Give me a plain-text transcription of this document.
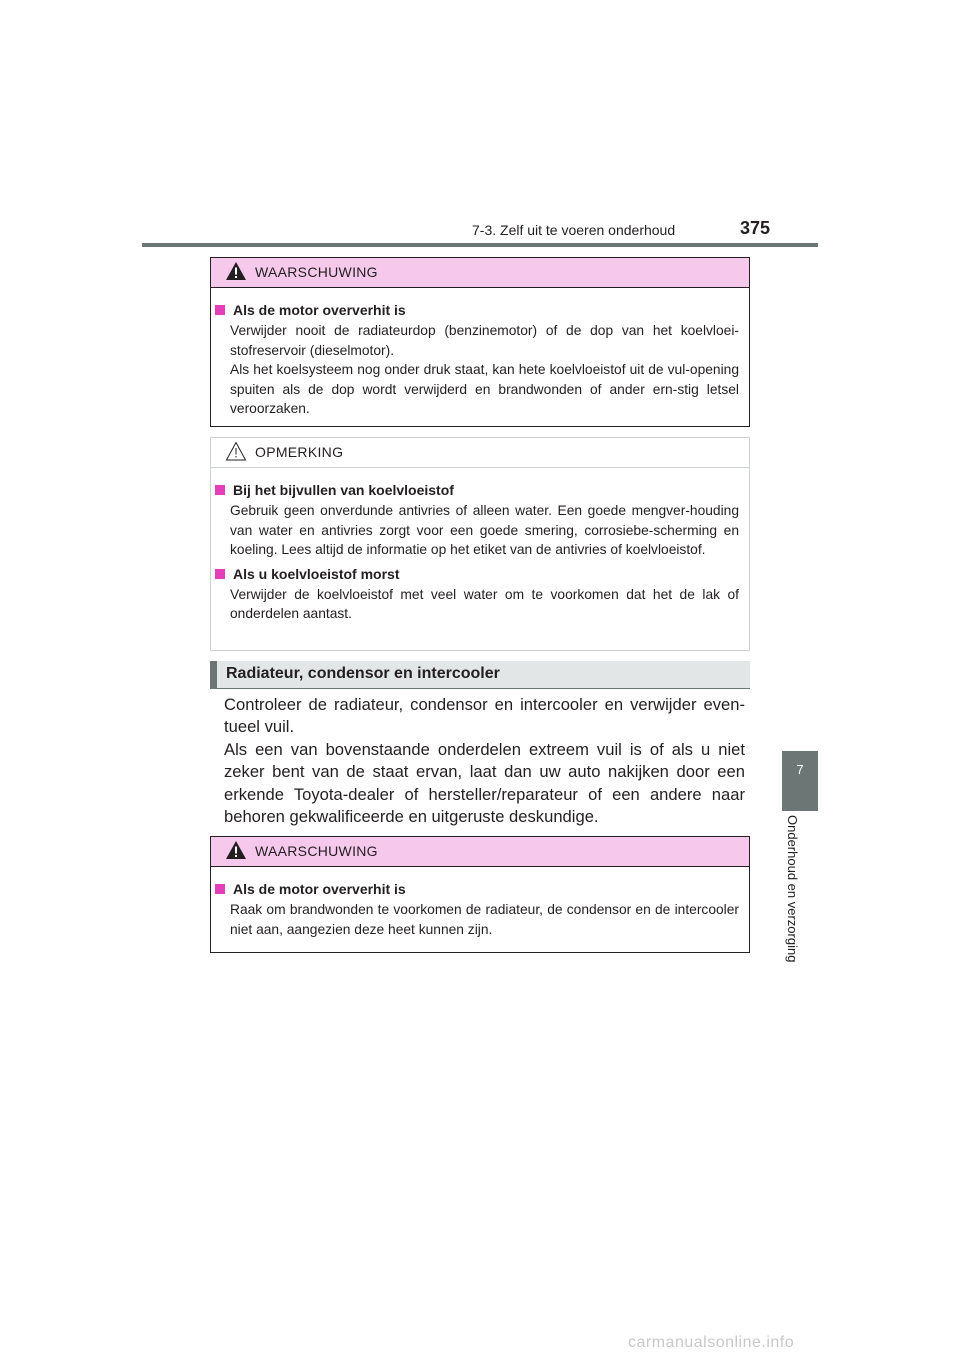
7-3. Zelf uit te voeren onderhoud	375
7
Onderhoud en verzorging
WAARSCHUWING
Als de motor oververhit is
Verwijder nooit de radiateurdop (benzinemotor) of de dop van het koelvloei-stofreservoir (dieselmotor).
Als het koelsysteem nog onder druk staat, kan hete koelvloeistof uit de vul-opening spuiten als de dop wordt verwijderd en brandwonden of ander ern-stig letsel veroorzaken.
OPMERKING
Bij het bijvullen van koelvloeistof
Gebruik geen onverdunde antivries of alleen water. Een goede mengver-houding van water en antivries zorgt voor een goede smering, corrosiebe-scherming en koeling. Lees altijd de informatie op het etiket van de antivries of koelvloeistof.
Als u koelvloeistof morst
Verwijder de koelvloeistof met veel water om te voorkomen dat het de lak of onderdelen aantast.
Radiateur, condensor en intercooler

Controleer de radiateur, condensor en intercooler en verwijder even-tueel vuil.

Als een van bovenstaande onderdelen extreem vuil is of als u niet zeker bent van de staat ervan, laat dan uw auto nakijken door een erkende Toyota-dealer of hersteller/reparateur of een andere naar behoren gekwalificeerde en uitgeruste deskundige.

WAARSCHUWING
Als de motor oververhit is
Raak om brandwonden te voorkomen de radiateur, de condensor en de intercooler niet aan, aangezien deze heet kunnen zijn.
carmanualsonline.info
